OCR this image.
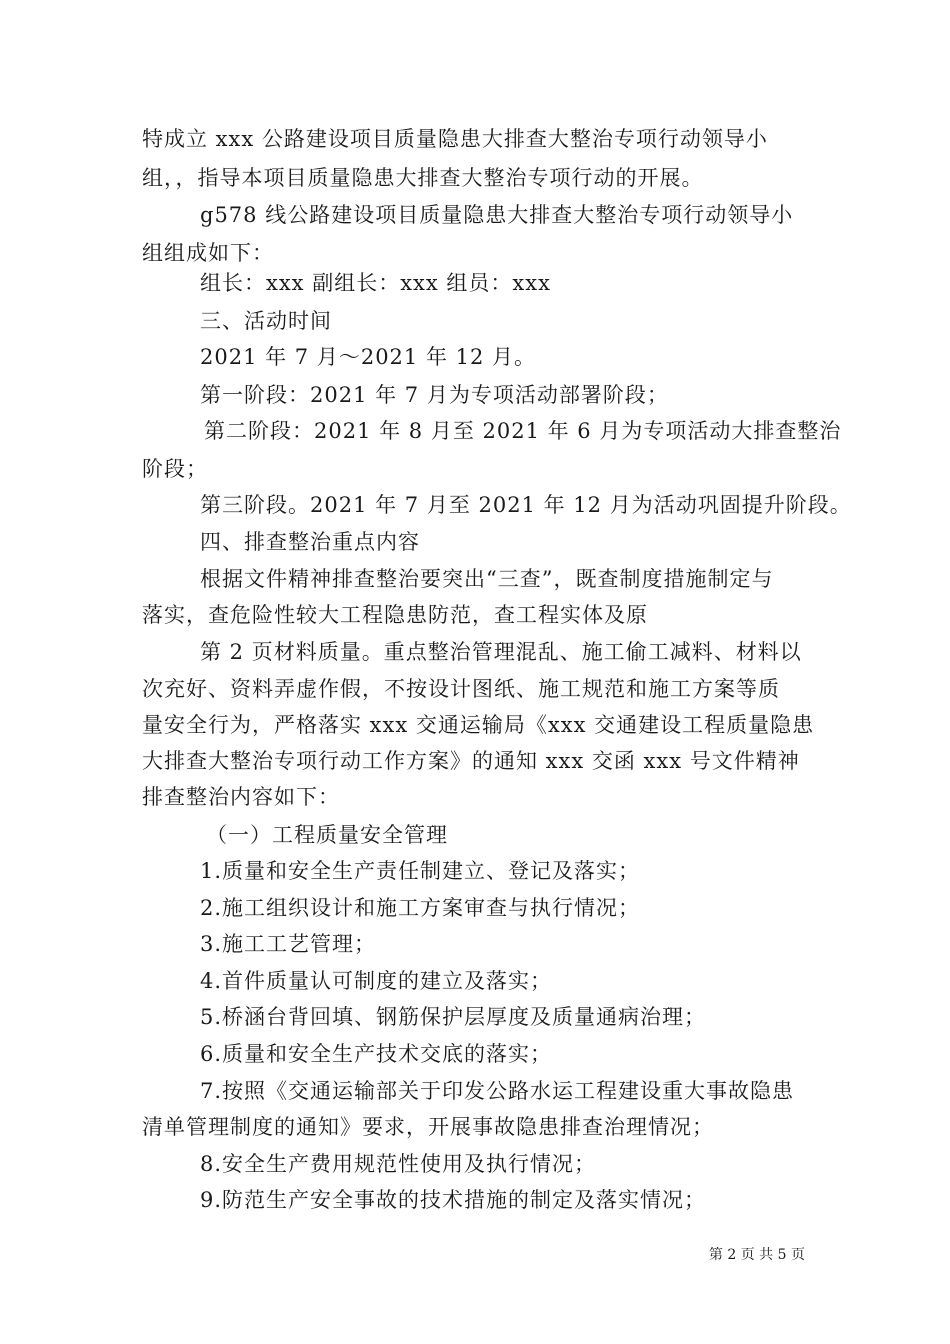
特成立 xxx 公路建设项目质量隐患大排查大整治专项行动领导小
组，，指导本项目质量隐患大排查大整治专项行动的开展。
g578 线公路建设项目质量隐患大排查大整治专项行动领导小
组组成如下：
组长：xxx 副组长：xxx 组员：xxx
三、活动时间
2021 年 7 月～2021 年 12 月。
第一阶段：2021 年 7 月为专项活动部署阶段；
第二阶段：2021 年 8 月至 2021 年 6 月为专项活动大排查整治
阶段；
第三阶段。2021 年 7 月至 2021 年 12 月为活动巩固提升阶段。
四、排查整治重点内容
根据文件精神排查整治要突出“三查”，既查制度措施制定与
落实，查危险性较大工程隐患防范，查工程实体及原
第 2 页材料质量。重点整治管理混乱、施工偷工减料、材料以
次充好、资料弄虚作假，不按设计图纸、施工规范和施工方案等质
量安全行为，严格落实 xxx 交通运输局《xxx 交通建设工程质量隐患
大排查大整治专项行动工作方案》的通知 xxx 交函 xxx 号文件精神
排查整治内容如下：
（一）工程质量安全管理
1.质量和安全生产责任制建立、登记及落实；
2.施工组织设计和施工方案审查与执行情况；
3.施工工艺管理；
4.首件质量认可制度的建立及落实；
5.桥涵台背回填、钢筋保护层厚度及质量通病治理；
6.质量和安全生产技术交底的落实；
7.按照《交通运输部关于印发公路水运工程建设重大事故隐患
清单管理制度的通知》要求，开展事故隐患排查治理情况；
8.安全生产费用规范性使用及执行情况；
9.防范生产安全事故的技术措施的制定及落实情况；
第 2 页 共 5 页
